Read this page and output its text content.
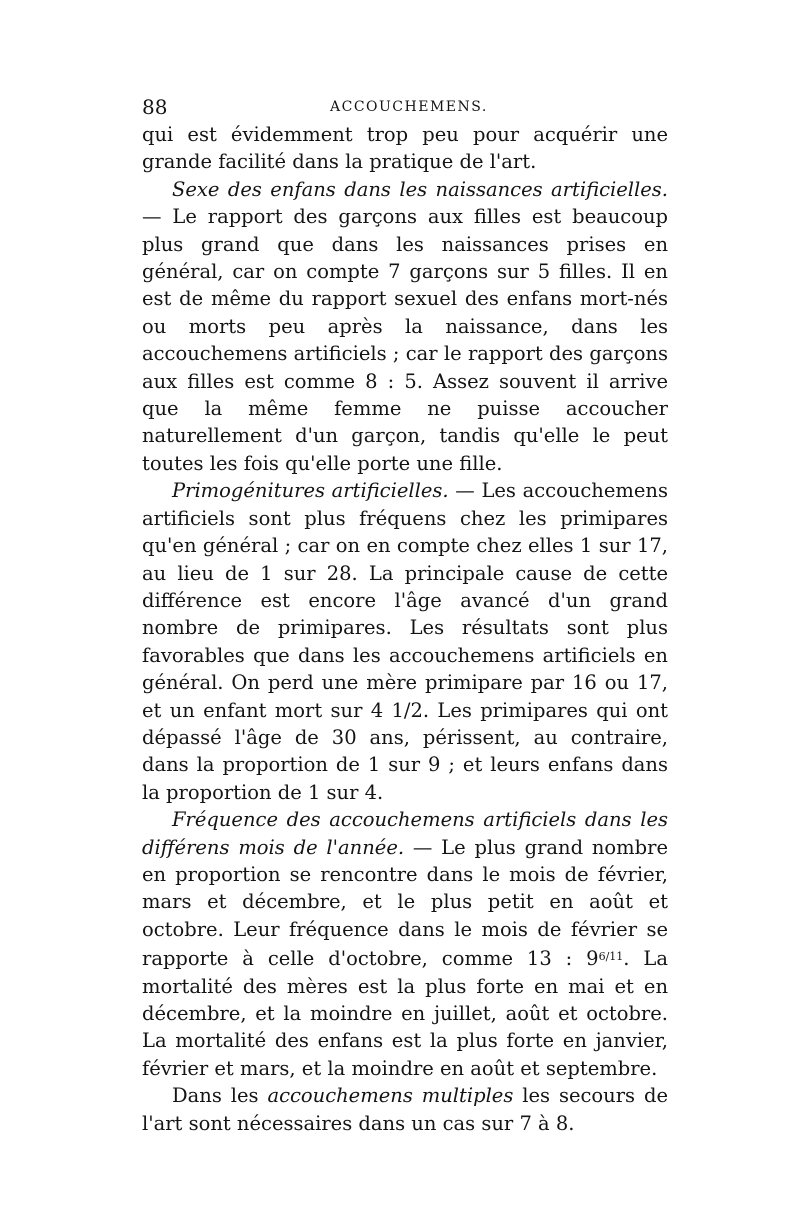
88	ACCOUCHEMENS.

qui est évidemment trop peu pour acquérir une grande facilité dans la pratique de l'art.

Sexe des enfans dans les naissances artificielles. — Le rapport des garçons aux filles est beaucoup plus grand que dans les naissances prises en général, car on compte 7 garçons sur 5 filles. Il en est de même du rapport sexuel des enfans mort-nés ou morts peu après la naissance, dans les accouchemens artificiels ; car le rapport des garçons aux filles est comme 8 : 5. Assez souvent il arrive que la même femme ne puisse accoucher naturellement d'un garçon, tandis qu'elle le peut toutes les fois qu'elle porte une fille.

Primogénitures artificielles. — Les accouchemens artificiels sont plus fréquens chez les primipares qu'en général ; car on en compte chez elles 1 sur 17, au lieu de 1 sur 28. La principale cause de cette différence est encore l'âge avancé d'un grand nombre de primipares. Les résultats sont plus favorables que dans les accouchemens artificiels en général. On perd une mère primipare par 16 ou 17, et un enfant mort sur 4 1/2. Les primipares qui ont dépassé l'âge de 30 ans, périssent, au contraire, dans la proportion de 1 sur 9 ; et leurs enfans dans la proportion de 1 sur 4.

Fréquence des accouchemens artificiels dans les différens mois de l'année. — Le plus grand nombre en proportion se rencontre dans le mois de février, mars et décembre, et le plus petit en août et octobre. Leur fréquence dans le mois de février se rapporte à celle d'octobre, comme 13 : $9^{6/11}$. La mortalité des mères est la plus forte en mai et en décembre, et la moindre en juillet, août et octobre. La mortalité des enfans est la plus forte en janvier, février et mars, et la moindre en août et septembre.

Dans les accouchemens multiples les secours de l'art sont nécessaires dans un cas sur 7 à 8.
